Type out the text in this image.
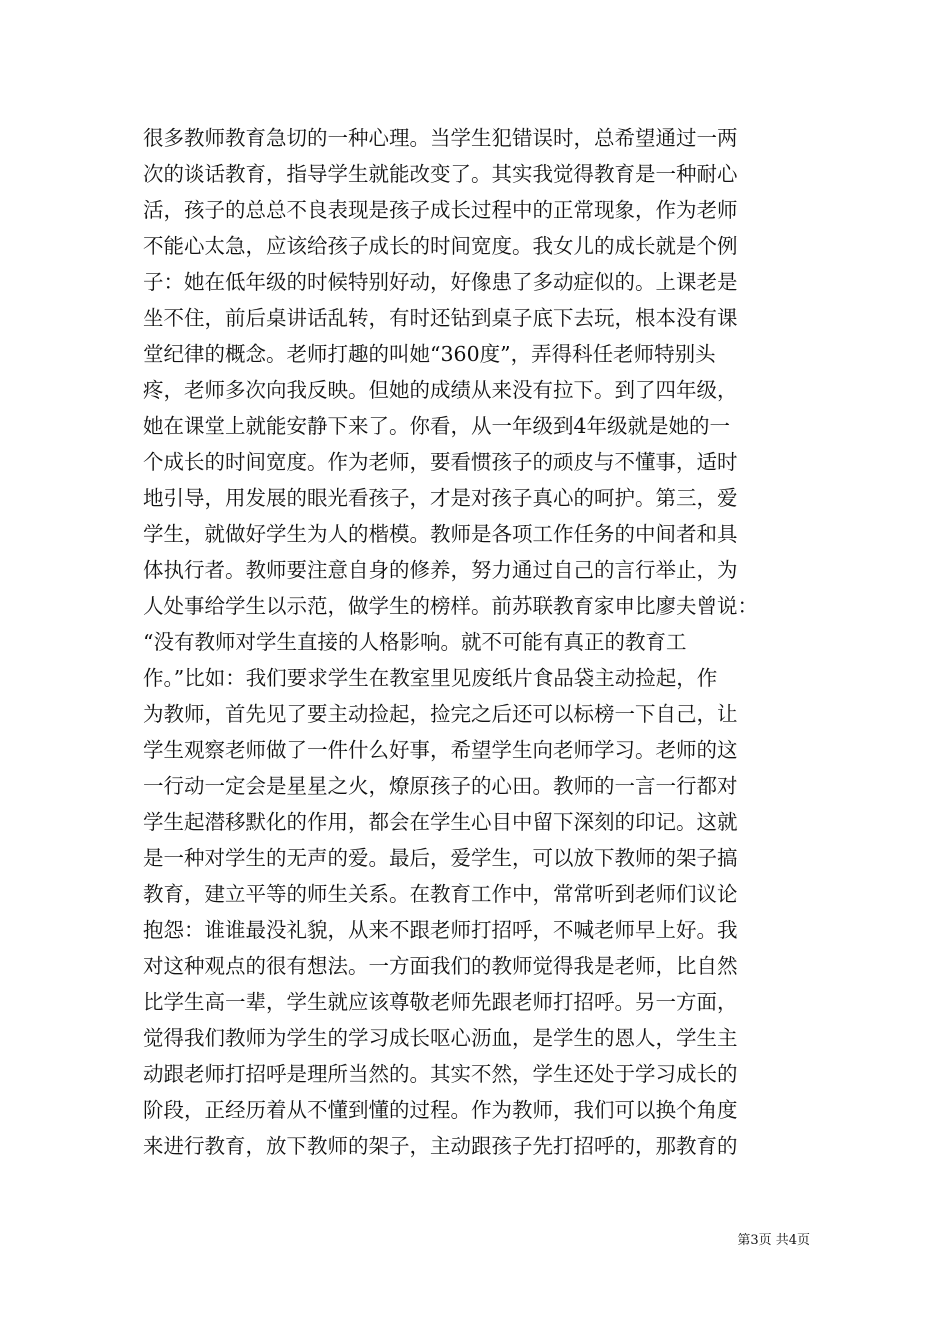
很多教师教育急切的一种心理。当学生犯错误时，总希望通过一两
次的谈话教育，指导学生就能改变了。其实我觉得教育是一种耐心
活，孩子的总总不良表现是孩子成长过程中的正常现象，作为老师
不能心太急，应该给孩子成长的时间宽度。我女儿的成长就是个例
子：她在低年级的时候特别好动，好像患了多动症似的。上课老是
坐不住，前后桌讲话乱转，有时还钻到桌子底下去玩，根本没有课
堂纪律的概念。老师打趣的叫她“360度”，弄得科任老师特别头
疼，老师多次向我反映。但她的成绩从来没有拉下。到了四年级，
她在课堂上就能安静下来了。你看，从一年级到4年级就是她的一
个成长的时间宽度。作为老师，要看惯孩子的顽皮与不懂事，适时
地引导，用发展的眼光看孩子，才是对孩子真心的呵护。第三，爱
学生，就做好学生为人的楷模。教师是各项工作任务的中间者和具
体执行者。教师要注意自身的修养，努力通过自己的言行举止，为
人处事给学生以示范，做学生的榜样。前苏联教育家申比廖夫曾说：
“没有教师对学生直接的人格影响。就不可能有真正的教育工
作。”比如：我们要求学生在教室里见废纸片食品袋主动捡起，作
为教师，首先见了要主动捡起，捡完之后还可以标榜一下自己，让
学生观察老师做了一件什么好事，希望学生向老师学习。老师的这
一行动一定会是星星之火，燎原孩子的心田。教师的一言一行都对
学生起潜移默化的作用，都会在学生心目中留下深刻的印记。这就
是一种对学生的无声的爱。最后，爱学生，可以放下教师的架子搞
教育，建立平等的师生关系。在教育工作中，常常听到老师们议论
抱怨：谁谁最没礼貌，从来不跟老师打招呼，不喊老师早上好。我
对这种观点的很有想法。一方面我们的教师觉得我是老师，比自然
比学生高一辈，学生就应该尊敬老师先跟老师打招呼。另一方面，
觉得我们教师为学生的学习成长呕心沥血，是学生的恩人，学生主
动跟老师打招呼是理所当然的。其实不然，学生还处于学习成长的
阶段，正经历着从不懂到懂的过程。作为教师，我们可以换个角度
来进行教育，放下教师的架子，主动跟孩子先打招呼的，那教育的
第3页 共4页
